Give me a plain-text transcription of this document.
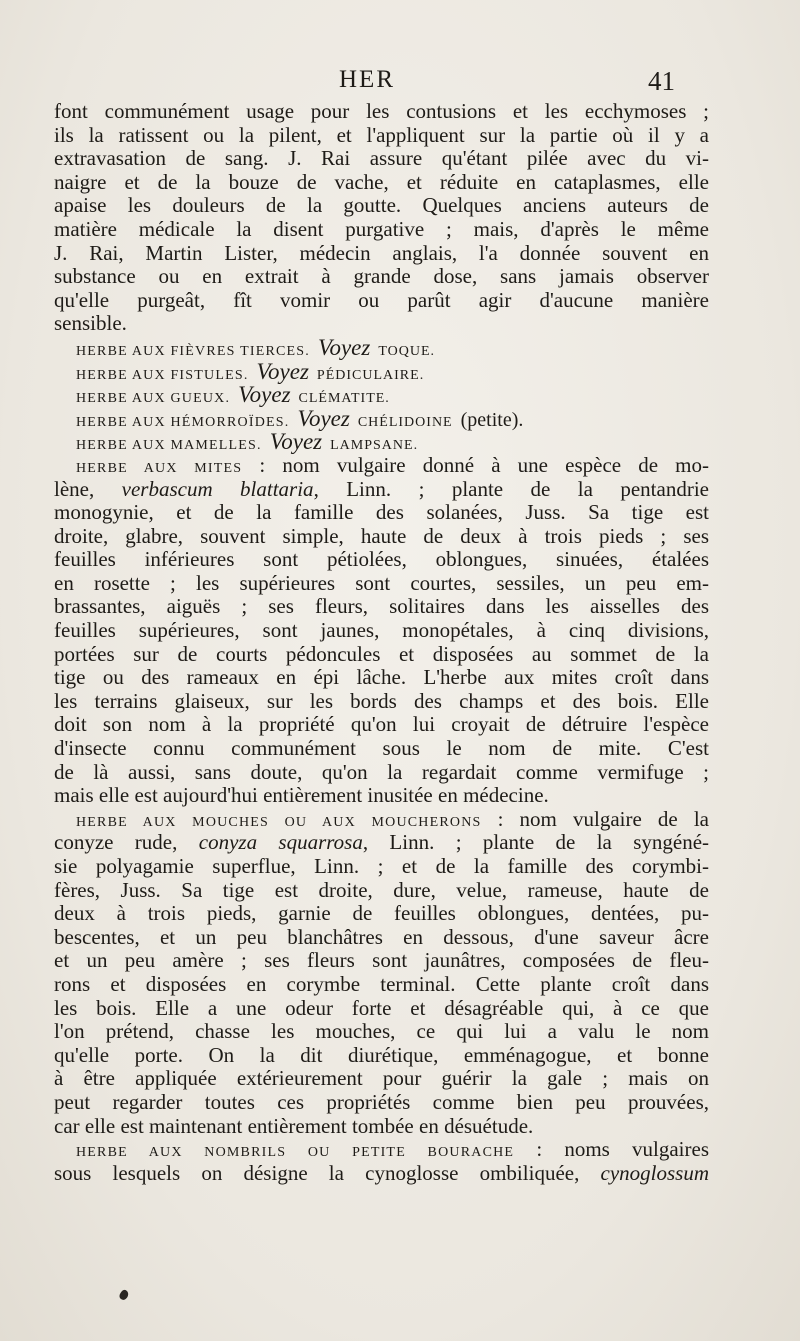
HER	41
font communément usage pour les contusions et les ecchymoses ;
ils la ratissent ou la pilent, et l'appliquent sur la partie où il y a
extravasation de sang. J. Rai assure qu'étant pilée avec du vi-
naigre et de la bouze de vache, et réduite en cataplasmes, elle
apaise les douleurs de la goutte. Quelques anciens auteurs de
matière médicale la disent purgative ; mais, d'après le même
J. Rai, Martin Lister, médecin anglais, l'a donnée souvent en
substance ou en extrait à grande dose, sans jamais observer
qu'elle purgeât, fît vomir ou parût agir d'aucune manière
sensible.
HERBE AUX FIÈVRES TIERCES. Voyez TOQUE.
HERBE AUX FISTULES. Voyez PÉDICULAIRE.
HERBE AUX GUEUX. Voyez CLÉMATITE.
HERBE AUX HÉMORROÏDES. Voyez CHÉLIDOINE (petite).
HERBE AUX MAMELLES. Voyez LAMPSANE.
HERBE AUX MITES : nom vulgaire donné à une espèce de mo-
lène, verbascum blattaria, Linn. ; plante de la pentandrie
monogynie, et de la famille des solanées, Juss. Sa tige est
droite, glabre, souvent simple, haute de deux à trois pieds ; ses
feuilles inférieures sont pétiolées, oblongues, sinuées, étalées
en rosette ; les supérieures sont courtes, sessiles, un peu em-
brassantes, aiguës ; ses fleurs, solitaires dans les aisselles des
feuilles supérieures, sont jaunes, monopétales, à cinq divisions,
portées sur de courts pédoncules et disposées au sommet de la
tige ou des rameaux en épi lâche. L'herbe aux mites croît dans
les terrains glaiseux, sur les bords des champs et des bois. Elle
doit son nom à la propriété qu'on lui croyait de détruire l'espèce
d'insecte connu communément sous le nom de mite. C'est
de là aussi, sans doute, qu'on la regardait comme vermifuge ;
mais elle est aujourd'hui entièrement inusitée en médecine.
HERBE AUX MOUCHES OU AUX MOUCHERONS : nom vulgaire de la
conyze rude, conyza squarrosa, Linn. ; plante de la syngéné-
sie polyagamie superflue, Linn. ; et de la famille des corymbi-
fères, Juss. Sa tige est droite, dure, velue, rameuse, haute de
deux à trois pieds, garnie de feuilles oblongues, dentées, pu-
bescentes, et un peu blanchâtres en dessous, d'une saveur âcre
et un peu amère ; ses fleurs sont jaunâtres, composées de fleu-
rons et disposées en corymbe terminal. Cette plante croît dans
les bois. Elle a une odeur forte et désagréable qui, à ce que
l'on prétend, chasse les mouches, ce qui lui a valu le nom
qu'elle porte. On la dit diurétique, emménagogue, et bonne
à être appliquée extérieurement pour guérir la gale ; mais on
peut regarder toutes ces propriétés comme bien peu prouvées,
car elle est maintenant entièrement tombée en désuétude.
HERBE AUX NOMBRILS OU PETITE BOURACHE : noms vulgaires
sous lesquels on désigne la cynoglosse ombiliquée, cynoglossum
